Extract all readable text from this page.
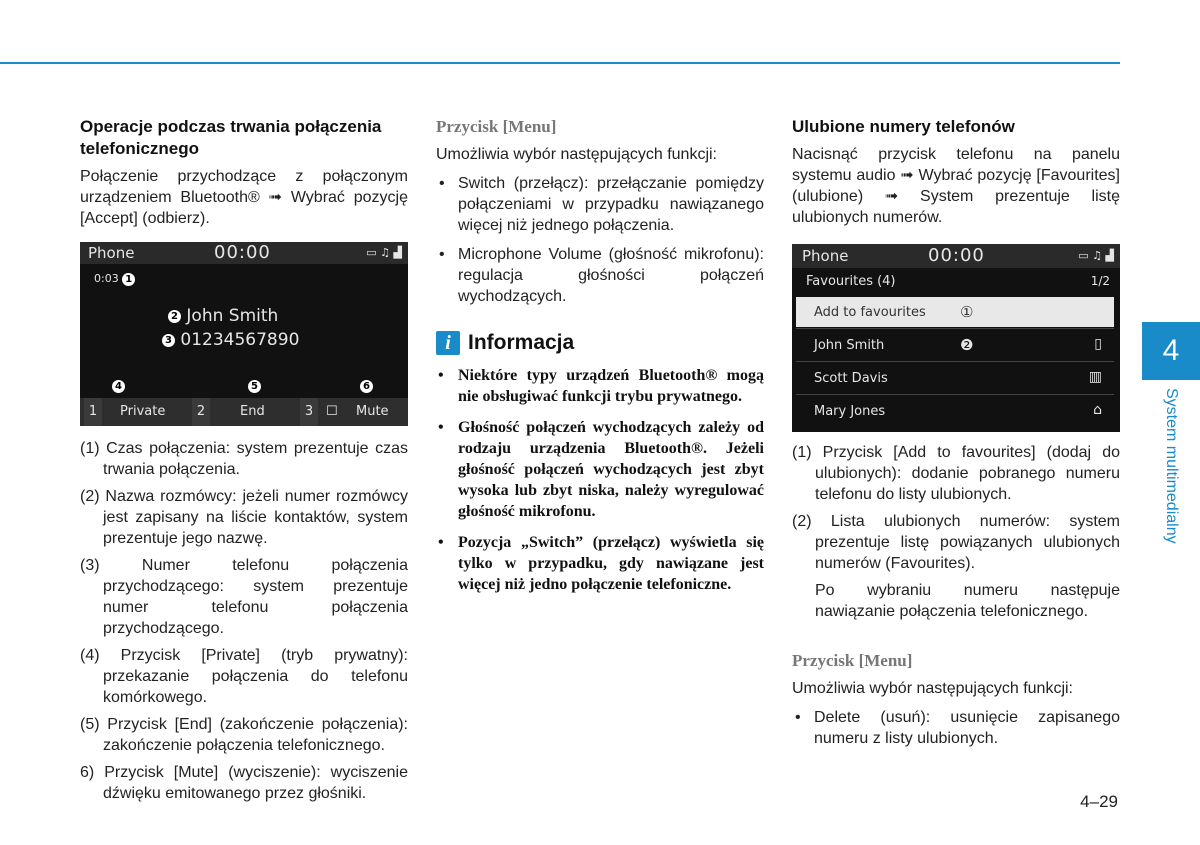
Operacje podczas trwania połączenia telefonicznego

Połączenie przychodzące z połączonym urządzeniem Bluetooth® ➟ Wybrać pozycję [Accept] (odbierz).

Phone	00:00	▭ ♫ ▟
0:03 1
2 John Smith
3 01234567890
4	5	6
1	Private	2	End	3 ☐ Mute
(1) Czas połączenia: system prezentuje czas trwania połączenia.
(2) Nazwa rozmówcy: jeżeli numer rozmówcy jest zapisany na liście kontaktów, system prezentuje jego nazwę.
(3) Numer telefonu połączenia przychodzącego: system prezentuje numer telefonu połączenia przychodzącego.
(4) Przycisk [Private] (tryb prywatny): przekazanie połączenia do telefonu komórkowego.
(5) Przycisk [End] (zakończenie połączenia): zakończenie połączenia telefonicznego.
6) Przycisk [Mute] (wyciszenie): wyciszenie dźwięku emitowanego przez głośniki.

Przycisk [Menu]

Umożliwia wybór następujących funkcji:

• Switch (przełącz): przełączanie pomiędzy połączeniami w przypadku nawiązanego więcej niż jednego połączenia.
• Microphone Volume (głośność mikrofonu): regulacja głośności połączeń wychodzących.
i Informacja
• Niektóre typy urządzeń Bluetooth® mogą nie obsługiwać funkcji trybu prywatnego.
• Głośność połączeń wychodzących zależy od rodzaju urządzenia Bluetooth®. Jeżeli głośność połączeń wychodzących jest zbyt wysoka lub zbyt niska, należy wyregulować głośność mikrofonu.
• Pozycja „Switch” (przełącz) wyświetla się tylko w przypadku, gdy nawiązane jest więcej niż jedno połączenie telefoniczne.

Ulubione numery telefonów

Nacisnąć przycisk telefonu na panelu systemu audio ➟ Wybrać pozycję [Favourites] (ulubione) ➟ System prezentuje listę ulubionych numerów.

Phone	00:00	▭ ♫ ▟
Favourites (4)	1/2
Add to favourites ①
John Smith	❷	▯
Scott Davis	▥
Mary Jones	⌂
(1) Przycisk [Add to favourites] (dodaj do ulubionych): dodanie pobranego numeru telefonu do listy ulubionych.
(2) Lista ulubionych numerów: system prezentuje listę powiązanych ulubionych numerów (Favourites).

Po wybraniu numeru następuje nawiązanie połączenia telefonicznego.

Przycisk [Menu]

Umożliwia wybór następujących funkcji:

• Delete (usuń): usunięcie zapisanego numeru z listy ulubionych.
4
System multimedialny
4–29
